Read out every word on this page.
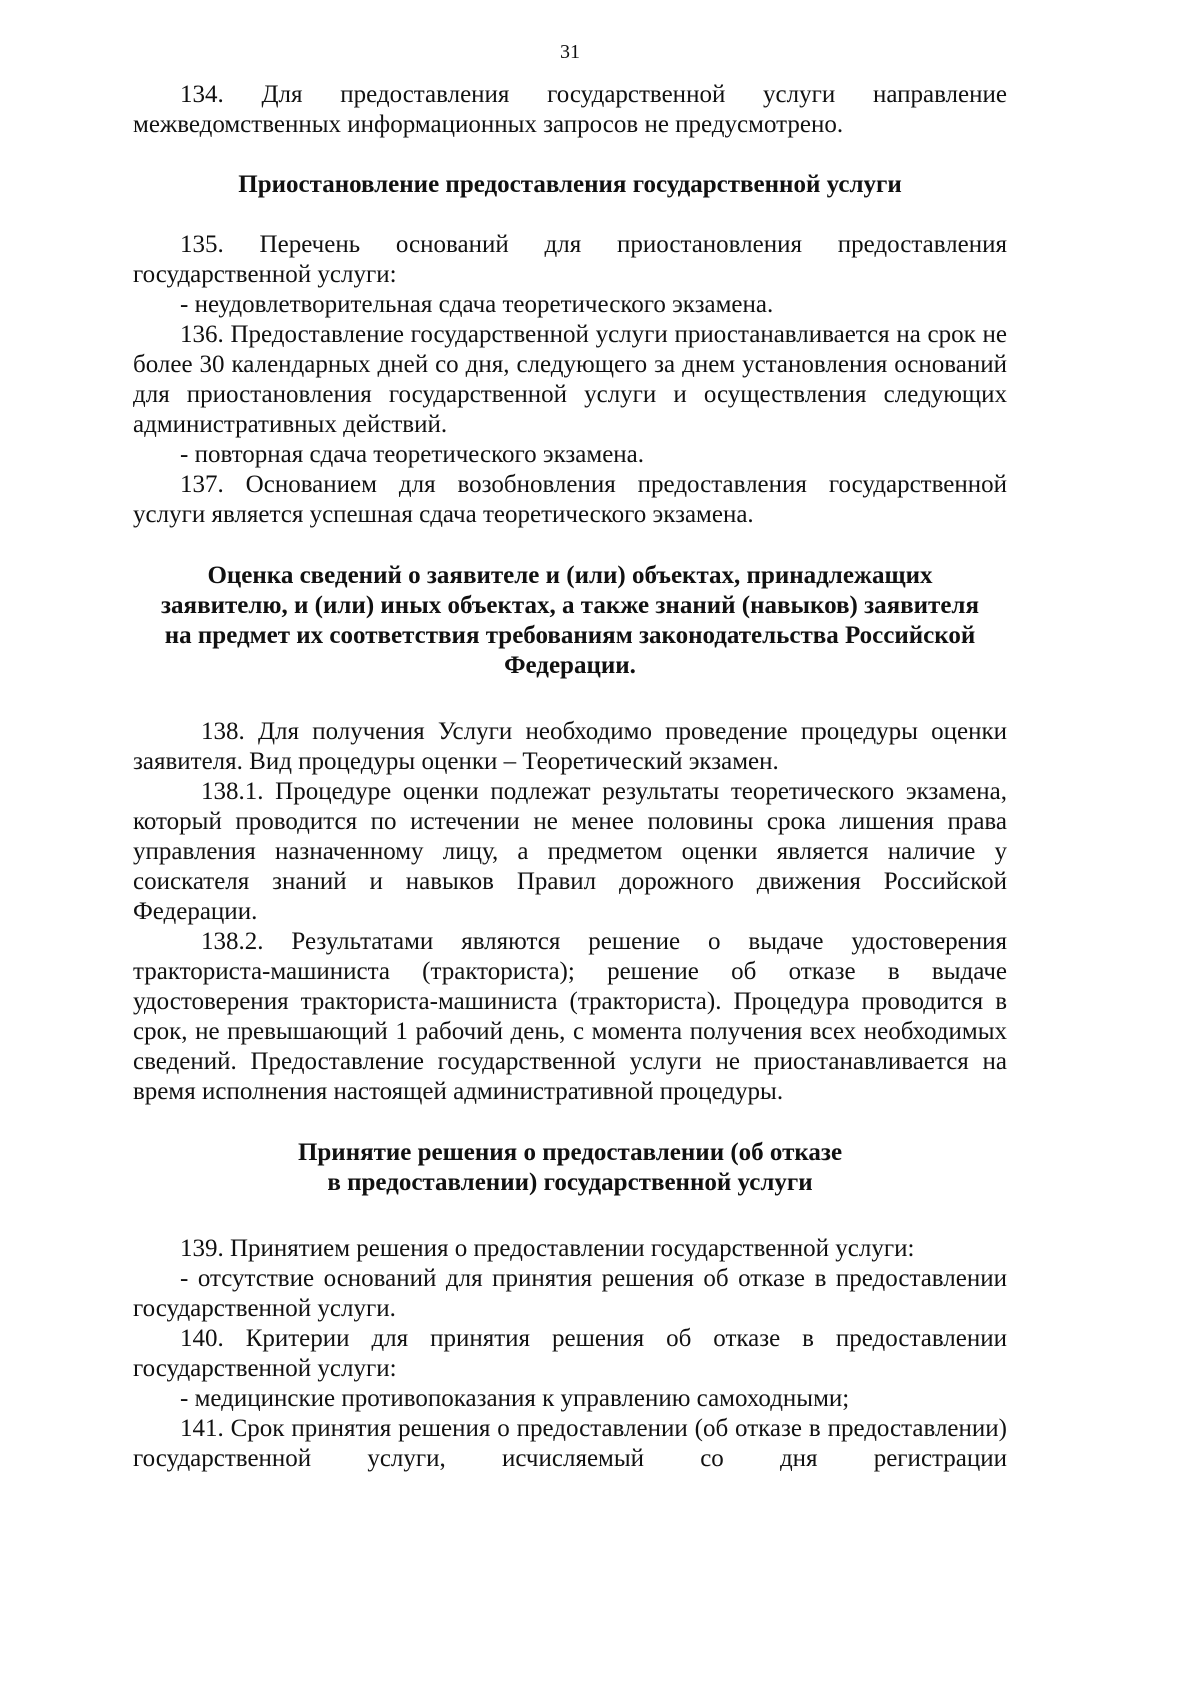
31

134. Для предоставления государственной услуги направление межведомственных информационных запросов не предусмотрено.

Приостановление предоставления государственной услуги

135. Перечень оснований для приостановления предоставления государственной услуги:

- неудовлетворительная сдача теоретического экзамена.

136. Предоставление государственной услуги приостанавливается на срок не более 30 календарных дней со дня, следующего за днем установления оснований для приостановления государственной услуги и осуществления следующих административных действий.

- повторная сдача теоретического экзамена.

137. Основанием для возобновления предоставления государственной услуги является успешная сдача теоретического экзамена.

Оценка сведений о заявителе и (или) объектах, принадлежащих
заявителю, и (или) иных объектах, а также знаний (навыков) заявителя
на предмет их соответствия требованиям законодательства Российской
Федерации.

138. Для получения Услуги необходимо проведение процедуры оценки заявителя. Вид процедуры оценки – Теоретический экзамен.

138.1. Процедуре оценки подлежат результаты теоретического экзамена, который проводится по истечении не менее половины срока лишения права управления назначенному лицу, а предметом оценки является наличие у соискателя знаний и навыков Правил дорожного движения Российской Федерации.

138.2. Результатами являются решение о выдаче удостоверения тракториста-машиниста (тракториста); решение об отказе в выдаче удостоверения тракториста-машиниста (тракториста). Процедура проводится в срок, не превышающий 1 рабочий день, с момента получения всех необходимых сведений. Предоставление государственной услуги не приостанавливается на время исполнения настоящей административной процедуры.

Принятие решения о предоставлении (об отказе
в предоставлении) государственной услуги

139. Принятием решения о предоставлении государственной услуги:

- отсутствие оснований для принятия решения об отказе в предоставлении государственной услуги.

140. Критерии для принятия решения об отказе в предоставлении государственной услуги:

- медицинские противопоказания к управлению самоходными;

141. Срок принятия решения о предоставлении (об отказе в предоставлении) государственной услуги, исчисляемый со дня регистрации
